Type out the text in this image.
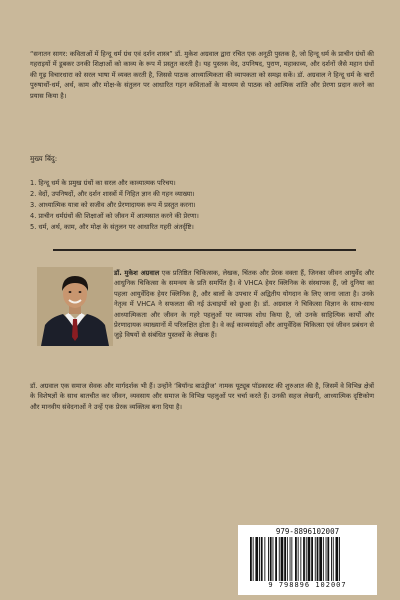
“सनातन सागर: कविताओं में हिन्दू धर्म ग्रंथ एवं दर्शन शास्त्र” डॉ. मुकेश अग्रवाल द्वारा रचित एक अनूठी पुस्तक है, जो हिन्दू धर्म के प्राचीन ग्रंथों की गहराइयों में डूबकर उनकी शिक्षाओं को काव्य के रूप में प्रस्तुत करती है। यह पुस्तक वेद, उपनिषद, पुराण, महाकाव्य, और दर्शनों जैसे महान ग्रंथों की गूढ़ विचारधारा को सरल भाषा में व्यक्त करती है, जिससे पाठक आध्यात्मिकता की व्यापकता को समझ सकें। डॉ. अग्रवाल ने हिन्दू धर्म के चारों पुरुषार्थों-धर्म, अर्थ, काम और मोक्ष-के संतुलन पर आधारित गहन कविताओं के माध्यम से पाठक को आत्मिक शांति और प्रेरणा प्रदान करने का प्रयास किया है।

मुख्य बिंदु:

1. हिन्दू धर्म के प्रमुख ग्रंथों का सरल और काव्यात्मक परिचय।
2. वेदों, उपनिषदों, और दर्शन शास्त्रों में निहित ज्ञान की गहन व्याख्या।
3. आध्यात्मिक यात्रा को सजीव और प्रेरणादायक रूप में प्रस्तुत करना।
4. प्राचीन धर्मग्रंथों की शिक्षाओं को जीवन में आत्मसात करने की प्रेरणा।
5. धर्म, अर्थ, काम, और मोक्ष के संतुलन पर आधारित गहरी अंतर्दृष्टि।

डॉ. मुकेश अग्रवाल एक प्रतिष्ठित चिकित्सक, लेखक, चिंतक और प्रेरक वक्ता हैं, जिनका जीवन आयुर्वेद और आधुनिक चिकित्सा के समन्वय के प्रति समर्पित है। वे VHCA हेयर क्लिनिक के संस्थापक हैं, जो दुनिया का पहला आयुर्वेदिक हेयर क्लिनिक है, और बालों के उपचार में अद्वितीय योगदान के लिए जाना जाता है। उनके नेतृत्व में VHCA ने सफलता की नई ऊंचाइयों को छुआ है। डॉ. अग्रवाल ने चिकित्सा विज्ञान के साथ-साथ आध्यात्मिकता और जीवन के गहरे पहलुओं पर व्यापक शोध किया है, जो उनके साहित्यिक कार्यों और प्रेरणादायक व्याख्यानों में परिलक्षित होता है। वे कई काव्यसंग्रहों और आयुर्वेदिक चिकित्सा एवं जीवन प्रबंधन से जुड़े विषयों से संबंधित पुस्तकों के लेखक हैं।

डॉ. अग्रवाल एक समाज सेवक और मार्गदर्शक भी हैं। उन्होंने ‘बियॉन्ड बाउंड्रीज’ नामक यूट्यूब पॉडकास्ट की शुरुआत की है, जिसमें वे विभिन्न क्षेत्रों के विशेषज्ञों के साथ बातचीत कर जीवन, व्यवसाय और समाज के विभिन्न पहलुओं पर चर्चा करते हैं। उनकी सहज लेखनी, आध्यात्मिक दृष्टिकोण और मानवीय संवेदनाओं ने उन्हें एक प्रेरक व्यक्तित्व बना दिया है।

979-8896102007
9 798896 102007
